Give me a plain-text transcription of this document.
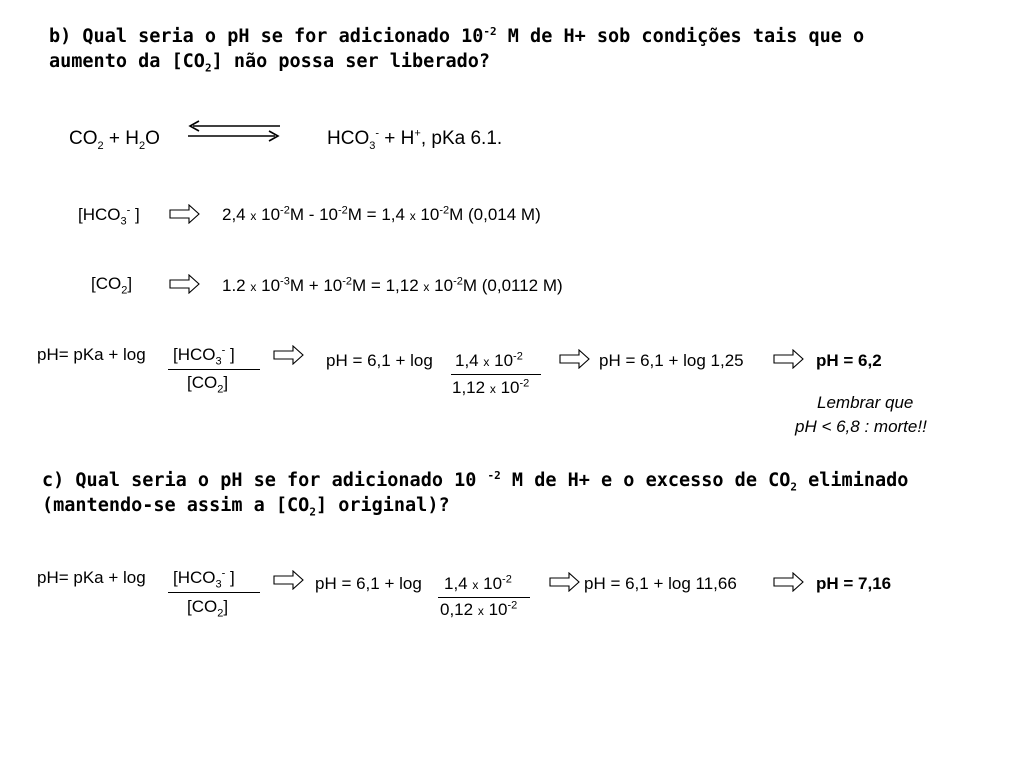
b) Qual seria o pH se for adicionado $10^{-2}$ M de H+ sob condições tais que o aumento da $[CO_2]$ não possa ser liberado?
$CO_2 + H_2O$	$HCO_3^- + H^+$, pKa 6.1.
[$HCO_3^-$ ]	2,4 x $10^{-2}M - 10^{-2}M = 1,4$ x $10^{-2}M$ (0,014 M)
$[CO_2]$	1.2 x $10^{-3}M + 10^{-2}M = 1,12$ x $10^{-2}M$ (0,0112 M)
pH= pKa + $\log [HCO_3^-$ ]
$[CO_2]$
pH = 6,1 + log 1,4 x $10^{-2}$
1,12 x $10^{-2}$
pH = 6,1 + log 1,25	pH = 6,2
Lembrar que
pH < 6,8 : morte!!
c) Qual seria o pH se for adicionado 10 $^{-2}$ M de H+ e o excesso de $CO_2$ eliminado (mantendo-se assim a $[CO_2]$ original)?
pH= pKa + $\log [HCO_3^-$ ]
$[CO_2]$
pH = 6,1 + log 1,4 x $10^{-2}$
0,12 x $10^{-2}$
pH = 6,1 + log 11,66	pH = 7,16
